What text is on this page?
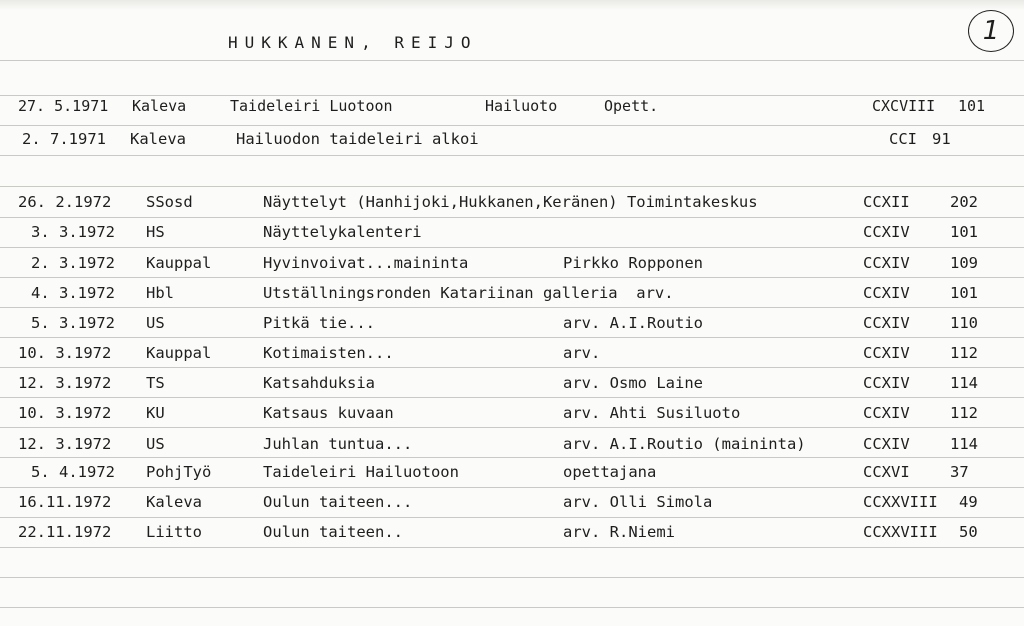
HUKKANEN, REIJO	1
27. 5.1971 Kaleva	Taideleiri Luotoon	Hailuoto	Opett.	CXCVIII 101
2. 7.1971 Kaleva	Hailuodon taideleiri alkoi	CCI 91
26. 2.1972 SSosd	Näyttelyt (Hanhijoki,Hukkanen,Keränen) Toimintakeskus	CCXII	202
3. 3.1972 HS	Näyttelykalenteri	CCXIV	101
2. 3.1972 Kauppal	Hyvinvoivat...maininta	Pirkko Ropponen	CCXIV	109
4. 3.1972 Hbl	Utställningsronden Katariinan galleria  arv.	CCXIV	101
5. 3.1972 US	Pitkä tie...	arv. A.I.Routio	CCXIV	110
10. 3.1972 Kauppal	Kotimaisten...	arv.	CCXIV	112
12. 3.1972 TS	Katsahduksia	arv. Osmo Laine	CCXIV	114
10. 3.1972 KU	Katsaus kuvaan	arv. Ahti Susiluoto	CCXIV	112
12. 3.1972 US	Juhlan tuntua...	arv. A.I.Routio (maininta)	CCXIV	114
5. 4.1972 PohjTyö	Taideleiri Hailuotoon	opettajana	CCXVI	37
16.11.1972 Kaleva	Oulun taiteen...	arv. Olli Simola	CCXXVIII 49
22.11.1972 Liitto	Oulun taiteen..	arv. R.Niemi	CCXXVIII 50
